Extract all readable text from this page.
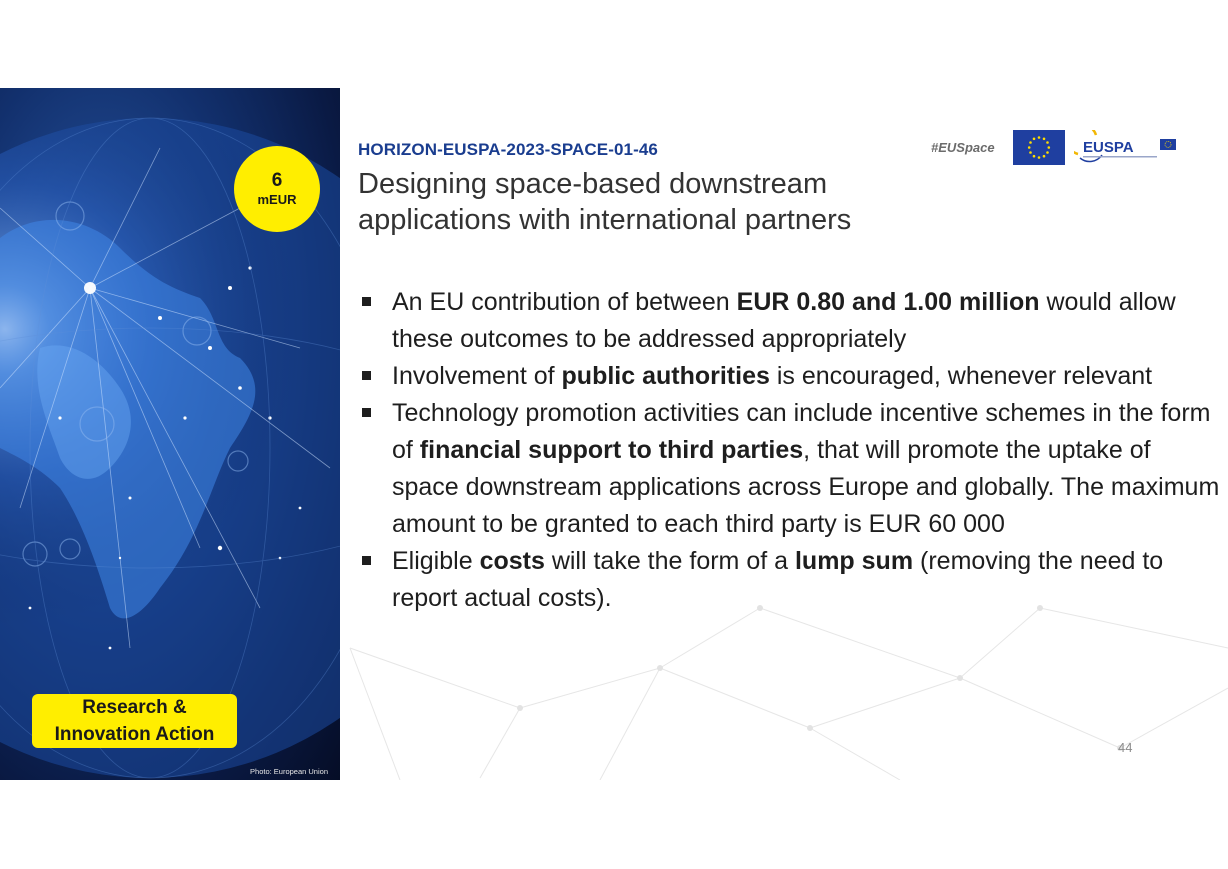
6
mEUR
Research &
Innovation Action
Photo: European Union
HORIZON-EUSPA-2023-SPACE-01-46
Designing space-based downstream applications with international partners
#EUSpace	EUSPA
An EU contribution of between EUR 0.80 and 1.00 million would allow these outcomes to be addressed appropriately
Involvement of public authorities is encouraged, whenever relevant
Technology promotion activities can include incentive schemes in the form of financial support to third parties, that will promote the uptake of space downstream applications across Europe and globally. The maximum amount to be granted to each third party is EUR 60 000
Eligible costs will take the form of a lump sum (removing the need to report actual costs).
44
